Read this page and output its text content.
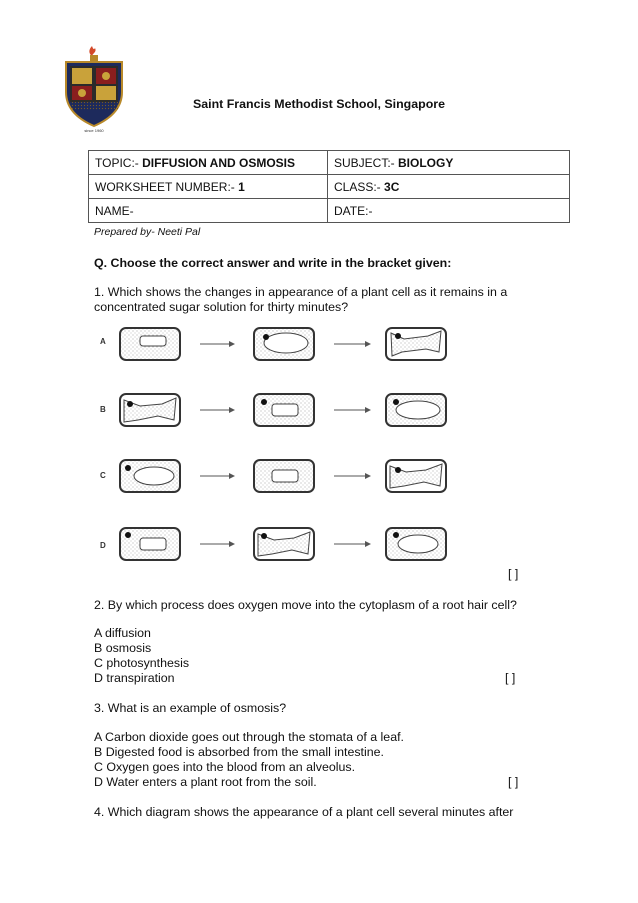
since 1960
Saint Francis Methodist School, Singapore
TOPIC:- DIFFUSION AND OSMOSIS	SUBJECT:- BIOLOGY
WORKSHEET NUMBER:- 1	CLASS:- 3C
NAME-	DATE:-
Prepared by- Neeti Pal
Q. Choose the correct answer and write in the bracket given:
1. Which shows the changes in appearance of a plant cell as it remains in a
concentrated sugar solution for thirty minutes?
A
B
C
D
[ ]
2. By which process does oxygen move into the cytoplasm of a root hair cell?
A diffusion
B osmosis
C photosynthesis
D transpiration	[ ]
3. What is an example of osmosis?
A Carbon dioxide goes out through the stomata of a leaf.
B Digested food is absorbed from the small intestine.
C Oxygen goes into the blood from an alveolus.
D Water enters a plant root from the soil.	[ ]
4. Which diagram shows the appearance of a plant cell several minutes after
